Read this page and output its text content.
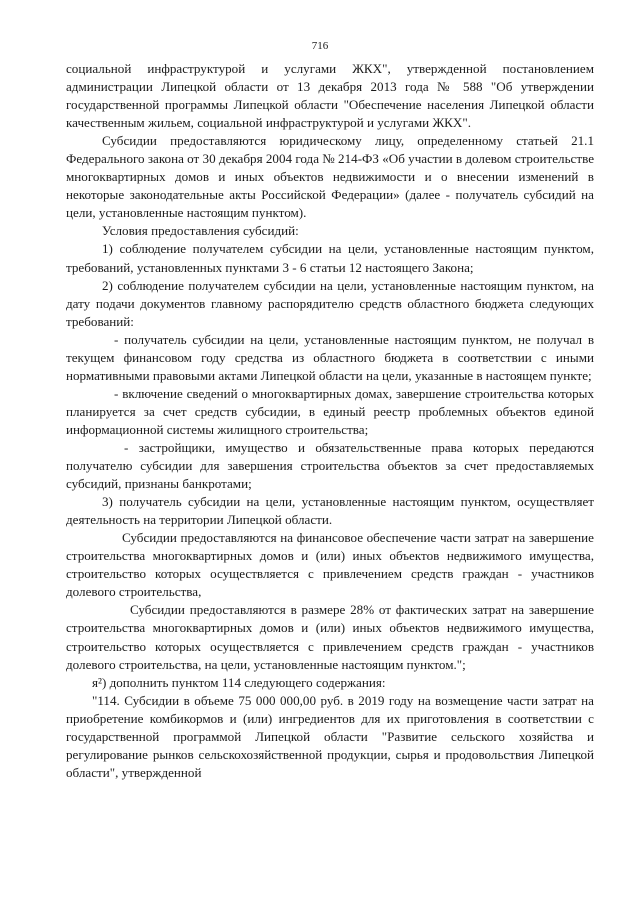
716

социальной инфраструктурой и услугами ЖКХ", утвержденной постановлением администрации Липецкой области от 13 декабря 2013 года № 588 "Об утверждении государственной программы Липецкой области "Обеспечение населения Липецкой области качественным жильем, социальной инфраструктурой и услугами ЖКХ".

Субсидии предоставляются юридическому лицу, определенному статьей 21.1 Федерального закона от 30 декабря 2004 года № 214-ФЗ «Об участии в долевом строительстве многоквартирных домов и иных объектов недвижимости и о внесении изменений в некоторые законодательные акты Российской Федерации» (далее - получатель субсидий на цели, установленные настоящим пунктом).

Условия предоставления субсидий:

1) соблюдение получателем субсидии на цели, установленные настоящим пунктом, требований, установленных пунктами 3 - 6 статьи 12 настоящего Закона;

2) соблюдение получателем субсидии на цели, установленные настоящим пунктом, на дату подачи документов главному распорядителю средств областного бюджета следующих требований:

- получатель субсидии на цели, установленные настоящим пунктом, не получал в текущем финансовом году средства из областного бюджета в соответствии с иными нормативными правовыми актами Липецкой области на цели, указанные в настоящем пункте;

- включение сведений о многоквартирных домах, завершение строительства которых планируется за счет средств субсидии, в единый реестр проблемных объектов единой информационной системы жилищного строительства;

- застройщики, имущество и обязательственные права которых передаются получателю субсидии для завершения строительства объектов за счет предоставляемых субсидий, признаны банкротами;

3) получатель субсидии на цели, установленные настоящим пунктом, осуществляет деятельность на территории Липецкой области.

Субсидии предоставляются на финансовое обеспечение части затрат на завершение строительства многоквартирных домов и (или) иных объектов недвижимого имущества, строительство которых осуществляется с привлечением средств граждан - участников долевого строительства,

Субсидии предоставляются в размере 28% от фактических затрат на завершение строительства многоквартирных домов и (или) иных объектов недвижимого имущества, строительство которых осуществляется с привлечением средств граждан - участников долевого строительства, на цели, установленные настоящим пунктом.";

я²) дополнить пунктом 114 следующего содержания:

"114. Субсидии в объеме 75 000 000,00 руб. в 2019 году на возмещение части затрат на приобретение комбикормов и (или) ингредиентов для их приготовления в соответствии с государственной программой Липецкой области "Развитие сельского хозяйства и регулирование рынков сельскохозяйственной продукции, сырья и продовольствия Липецкой области", утвержденной
